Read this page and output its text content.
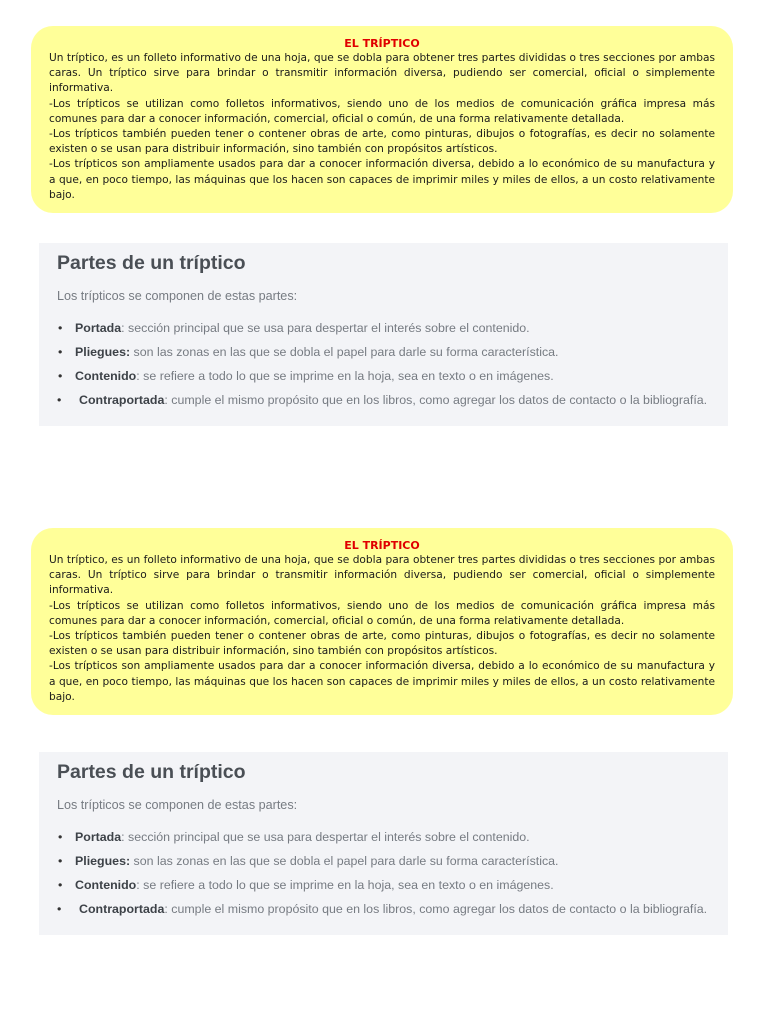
EL TRÍPTICO

Un tríptico, es un folleto informativo de una hoja, que se dobla para obtener tres partes divididas o tres secciones por ambas caras. Un tríptico sirve para brindar o transmitir información diversa, pudiendo ser comercial, oficial o simplemente informativa.

-Los trípticos se utilizan como folletos informativos, siendo uno de los medios de comunicación gráfica impresa más comunes para dar a conocer información, comercial, oficial o común, de una forma relativamente detallada.

-Los trípticos también pueden tener o contener obras de arte, como pinturas, dibujos o fotografías, es decir no solamente existen o se usan para distribuir información, sino también con propósitos artísticos.

-Los trípticos son ampliamente usados para dar a conocer información diversa, debido a lo económico de su manufactura y a que, en poco tiempo, las máquinas que los hacen son capaces de imprimir miles y miles de ellos, a un costo relativamente bajo.

Partes de un tríptico
Los trípticos se componen de estas partes:
• Portada: sección principal que se usa para despertar el interés sobre el contenido.
• Pliegues: son las zonas en las que se dobla el papel para darle su forma característica.
• Contenido: se refiere a todo lo que se imprime en la hoja, sea en texto o en imágenes.
• Contraportada: cumple el mismo propósito que en los libros, como agregar los datos de contacto o la bibliografía.
EL TRÍPTICO

Un tríptico, es un folleto informativo de una hoja, que se dobla para obtener tres partes divididas o tres secciones por ambas caras. Un tríptico sirve para brindar o transmitir información diversa, pudiendo ser comercial, oficial o simplemente informativa.

-Los trípticos se utilizan como folletos informativos, siendo uno de los medios de comunicación gráfica impresa más comunes para dar a conocer información, comercial, oficial o común, de una forma relativamente detallada.

-Los trípticos también pueden tener o contener obras de arte, como pinturas, dibujos o fotografías, es decir no solamente existen o se usan para distribuir información, sino también con propósitos artísticos.

-Los trípticos son ampliamente usados para dar a conocer información diversa, debido a lo económico de su manufactura y a que, en poco tiempo, las máquinas que los hacen son capaces de imprimir miles y miles de ellos, a un costo relativamente bajo.

Partes de un tríptico
Los trípticos se componen de estas partes:
• Portada: sección principal que se usa para despertar el interés sobre el contenido.
• Pliegues: son las zonas en las que se dobla el papel para darle su forma característica.
• Contenido: se refiere a todo lo que se imprime en la hoja, sea en texto o en imágenes.
• Contraportada: cumple el mismo propósito que en los libros, como agregar los datos de contacto o la bibliografía.
